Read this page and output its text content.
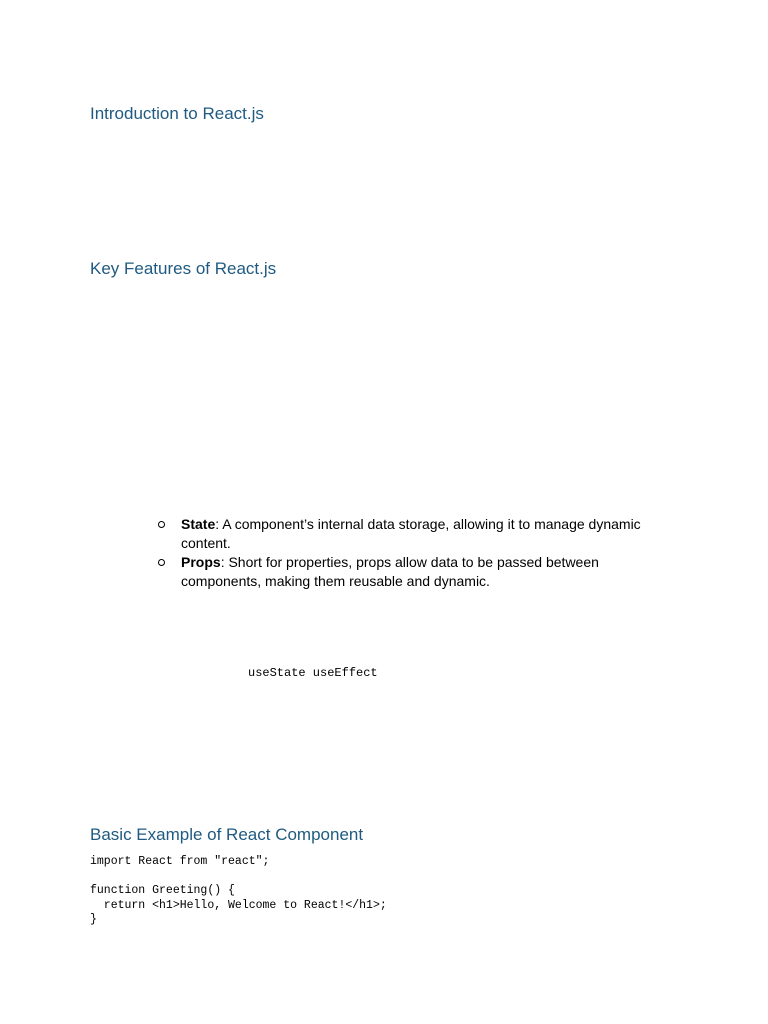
Introduction to React.js
Key Features of React.js
State: A component’s internal data storage, allowing it to manage dynamic content.
Props: Short for properties, props allow data to be passed between components, making them reusable and dynamic.
useState useEffect
Basic Example of React Component
import React from "react";
function Greeting() {
return <h1>Hello, Welcome to React!</h1>;
}
